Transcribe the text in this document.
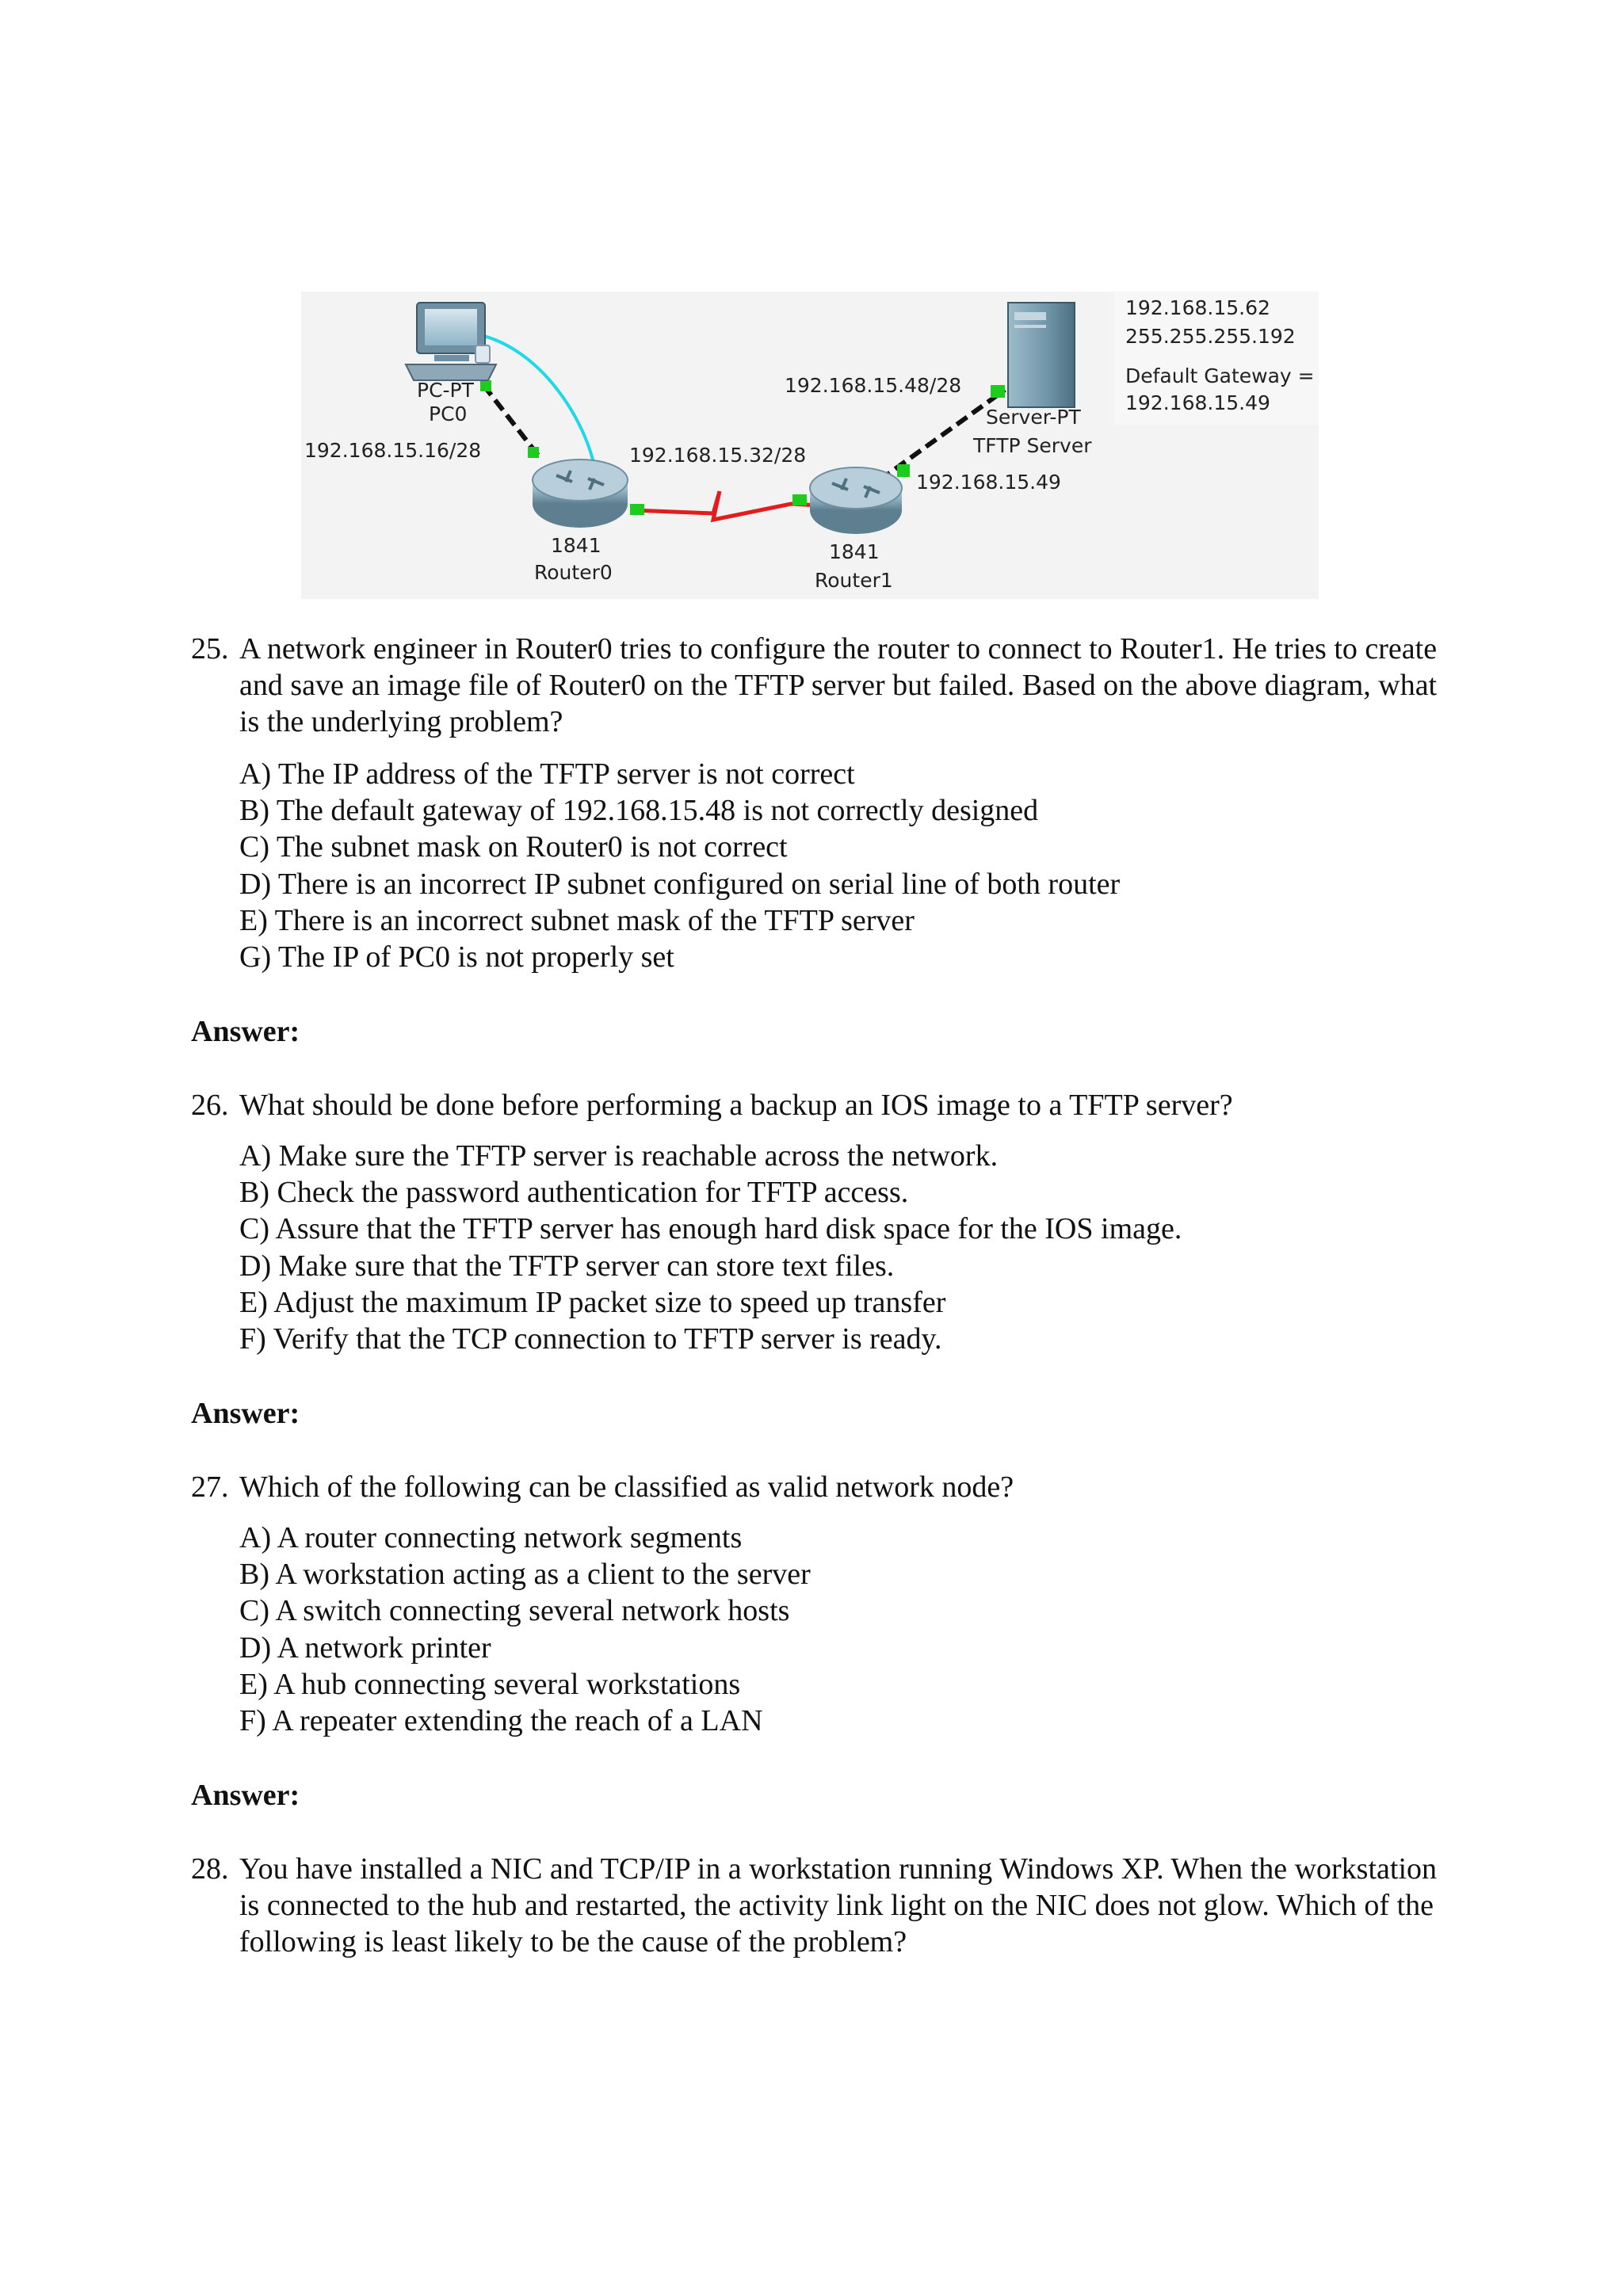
PC-PT
PC0
192.168.15.16/28
1841
Router0
192.168.15.32/28
1841
Router1
192.168.15.48/28
Server-PT
TFTP Server
192.168.15.49
192.168.15.62
255.255.255.192
Default Gateway =
192.168.15.49
25. A network engineer in Router0 tries to configure the router to connect to Router1. He tries to create and save an image file of Router0 on the TFTP server but failed. Based on the above diagram, what is the underlying problem?
A) The IP address of the TFTP server is not correct
B) The default gateway of 192.168.15.48 is not correctly designed
C) The subnet mask on Router0 is not correct
D) There is an incorrect IP subnet configured on serial line of both router
E) There is an incorrect subnet mask of the TFTP server
G) The IP of PC0 is not properly set
Answer:
26. What should be done before performing a backup an IOS image to a TFTP server?
A) Make sure the TFTP server is reachable across the network.
B) Check the password authentication for TFTP access.
C) Assure that the TFTP server has enough hard disk space for the IOS image.
D) Make sure that the TFTP server can store text files.
E) Adjust the maximum IP packet size to speed up transfer
F) Verify that the TCP connection to TFTP server is ready.
Answer:
27. Which of the following can be classified as valid network node?
A) A router connecting network segments
B) A workstation acting as a client to the server
C) A switch connecting several network hosts
D) A network printer
E) A hub connecting several workstations
F) A repeater extending the reach of a LAN
Answer:
28. You have installed a NIC and TCP/IP in a workstation running Windows XP. When the workstation is connected to the hub and restarted, the activity link light on the NIC does not glow. Which of the following is least likely to be the cause of the problem?
